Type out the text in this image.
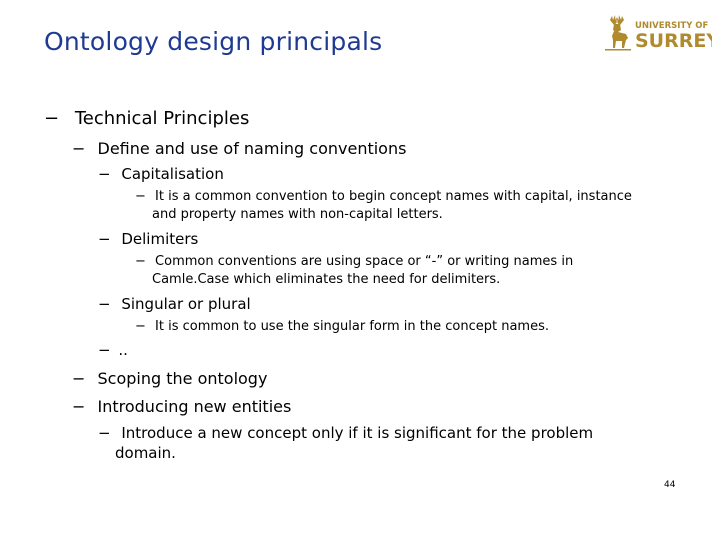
Ontology design principals
UNIVERSITY OF
SURREY
− Technical Principles
− Define and use of naming conventions
− Capitalisation
− It is a common convention to begin concept names with capital, instance
and property names with non-capital letters.
− Delimiters
− Common conventions are using space or “-” or writing names in
Camle.Case which eliminates the need for delimiters.
− Singular or plural
− It is common to use the singular form in the concept names.
− ..
− Scoping the ontology
− Introducing new entities
− Introduce a new concept only if it is significant for the problem
domain.
44
